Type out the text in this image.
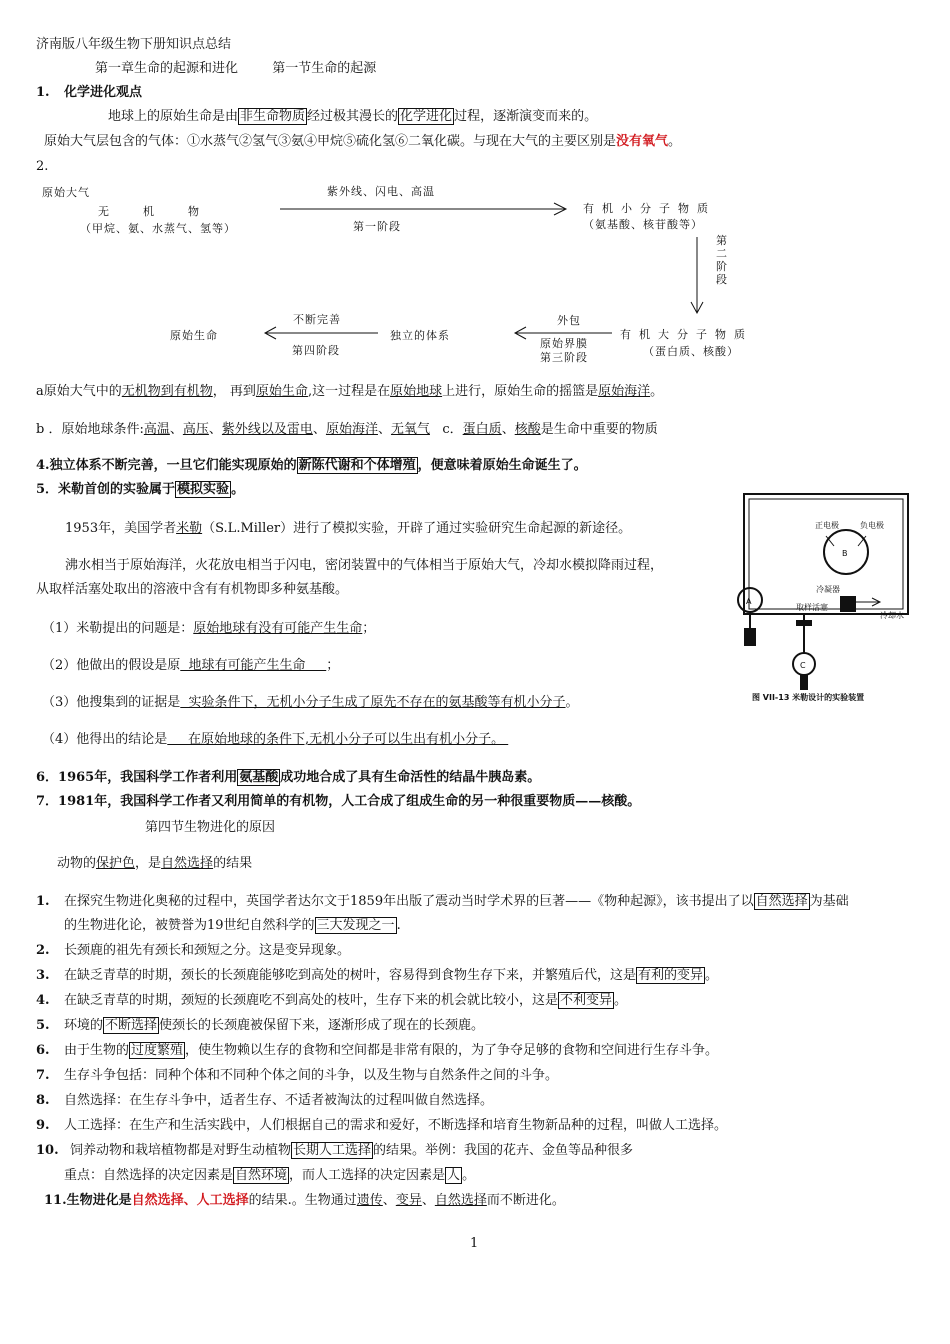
济南版八年级生物下册知识点总结
第一章生命的起源和进化	第一节生命的起源
1. 化学进化观点
地球上的原始生命是由 非生命物质 经过极其漫长的 化学进化 过程，逐渐演变而来的。
原始大气层包含的气体：①水蒸气②氢气③氨④甲烷⑤硫化氢⑥二氧化碳。与现在大气的主要区别是没有氧气。
2.
原始大气
无机物
（甲烷、氨、水蒸气、氢等）
紫外线、闪电、高温
第一阶段
有机小分子物质
（氨基酸、核苷酸等）
第二阶段
有机大分子物质
（蛋白质、核酸）
外包
原始界膜
第三阶段
独立的体系
不断完善
第四阶段
原始生命
a原始大气中的无机物到有机物， 再到原始生命,这一过程是在原始地球上进行，原始生命的摇篮是原始海洋。
b ．原始地球条件:高温、高压、紫外线以及雷电、原始海洋、无氧气   c．蛋白质、核酸是生命中重要的物质
4.独立体系不断完善，一旦它们能实现原始的 新陈代谢和个体增殖 ，便意味着原始生命诞生了。
5．米勒首创的实验属于 模拟实验 。
正电极	负电极
B
冷凝器
取样活塞
冷却水
A
C
图 VII-13 米勒设计的实验装置
1953年，美国学者米勒（S.L.Miller）进行了模拟实验，开辟了通过实验研究生命起源的新途径。
沸水相当于原始海洋，火花放电相当于闪电，密闭装置中的气体相当于原始大气，冷却水模拟降雨过程，
从取样活塞处取出的溶液中含有有机物即多种氨基酸。
（1）米勒提出的问题是：原始地球有没有可能产生生命；
（2）他做出的假设是原  地球有可能产生生命     ；
（3）他搜集到的证据是  实验条件下，无机小分子生成了原先不存在的氨基酸等有机小分子。
（4）他得出的结论是     在原始地球的条件下,无机小分子可以生出有机小分子。
6．1965年，我国科学工作者利用 氨基酸 成功地合成了具有生命活性的结晶牛胰岛素。
7．1981年，我国科学工作者又利用简单的有机物，人工合成了组成生命的另一种很重要物质——核酸。
第四节生物进化的原因
动物的保护色，是自然选择的结果
1. 在探究生物进化奥秘的过程中，英国学者达尔文于1859年出版了震动当时学术界的巨著——《物种起源》，该书提出了以 自然选择 为基础
的生物进化论，被赞誉为19世纪自然科学的 三大发现之一 .
2. 长颈鹿的祖先有颈长和颈短之分。这是变异现象。
3. 在缺乏青草的时期，颈长的长颈鹿能够吃到高处的树叶，容易得到食物生存下来，并繁殖后代，这是 有利的变异 。
4. 在缺乏青草的时期，颈短的长颈鹿吃不到高处的枝叶，生存下来的机会就比较小，这是 不利变异 。
5. 环境的 不断选择 使颈长的长颈鹿被保留下来，逐渐形成了现在的长颈鹿。
6. 由于生物的 过度繁殖 ，使生物赖以生存的食物和空间都是非常有限的，为了争夺足够的食物和空间进行生存斗争。
7. 生存斗争包括：同种个体和不同种个体之间的斗争，以及生物与自然条件之间的斗争。
8. 自然选择：在生存斗争中，适者生存、不适者被淘汰的过程叫做自然选择。
9. 人工选择：在生产和生活实践中，人们根据自己的需求和爱好，不断选择和培育生物新品种的过程，叫做人工选择。
10. 饲养动物和栽培植物都是对野生动植物 长期人工选择 的结果。举例：我国的花卉、金鱼等品种很多
重点：自然选择的决定因素是 自然环境 ，而人工选择的决定因素是 人 。
11.生物进化是自然选择、人工选择的结果.。生物通过遗传、变异、自然选择而不断进化。
1
